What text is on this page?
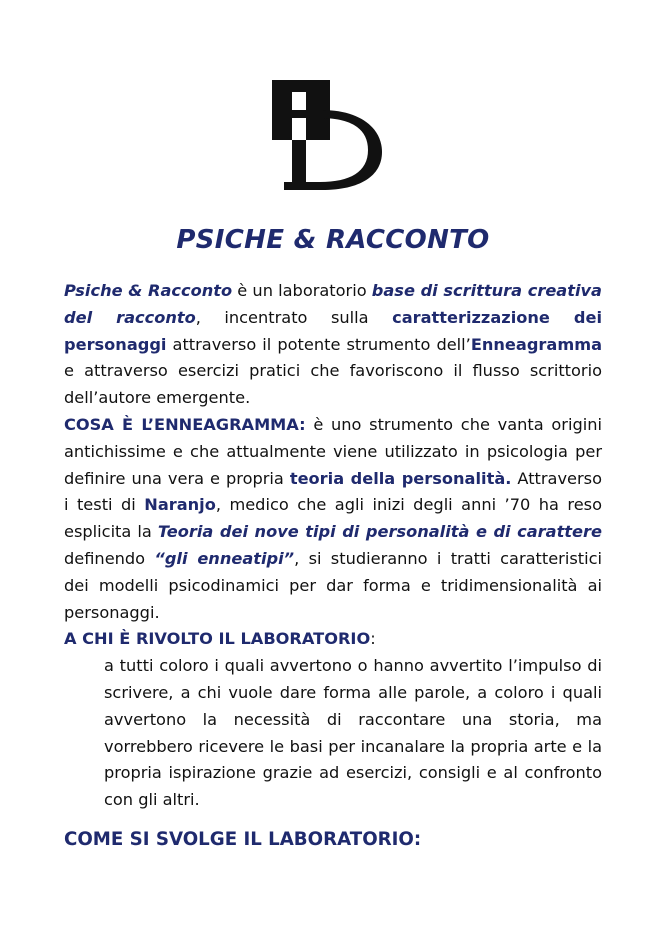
PSICHE & RACCONTO

Psiche & Racconto è un laboratorio base di scrittura creativa del racconto, incentrato sulla caratterizzazione dei personaggi attraverso il potente strumento dell’Enneagramma e attraverso esercizi pratici che favoriscono il flusso scrittorio dell’autore emergente.

COSA È L’ENNEAGRAMMA: è uno strumento che vanta origini antichissime e che attualmente viene utilizzato in psicologia per definire una vera e propria teoria della personalità. Attraverso i testi di Naranjo, medico che agli inizi degli anni ’70 ha reso esplicita la Teoria dei nove tipi di personalità e di carattere definendo “gli enneatipi”, si studieranno i tratti caratteristici dei modelli psicodinamici per dar forma e tridimensionalità ai personaggi.

A CHI È RIVOLTO IL LABORATORIO:

a tutti coloro i quali avvertono o hanno avvertito l’impulso di scrivere, a chi vuole dare forma alle parole, a coloro i quali avvertono la necessità di raccontare una storia, ma vorrebbero ricevere le basi per incanalare la propria arte e la propria ispirazione grazie ad esercizi, consigli e al confronto con gli altri.

COME SI SVOLGE IL LABORATORIO:
